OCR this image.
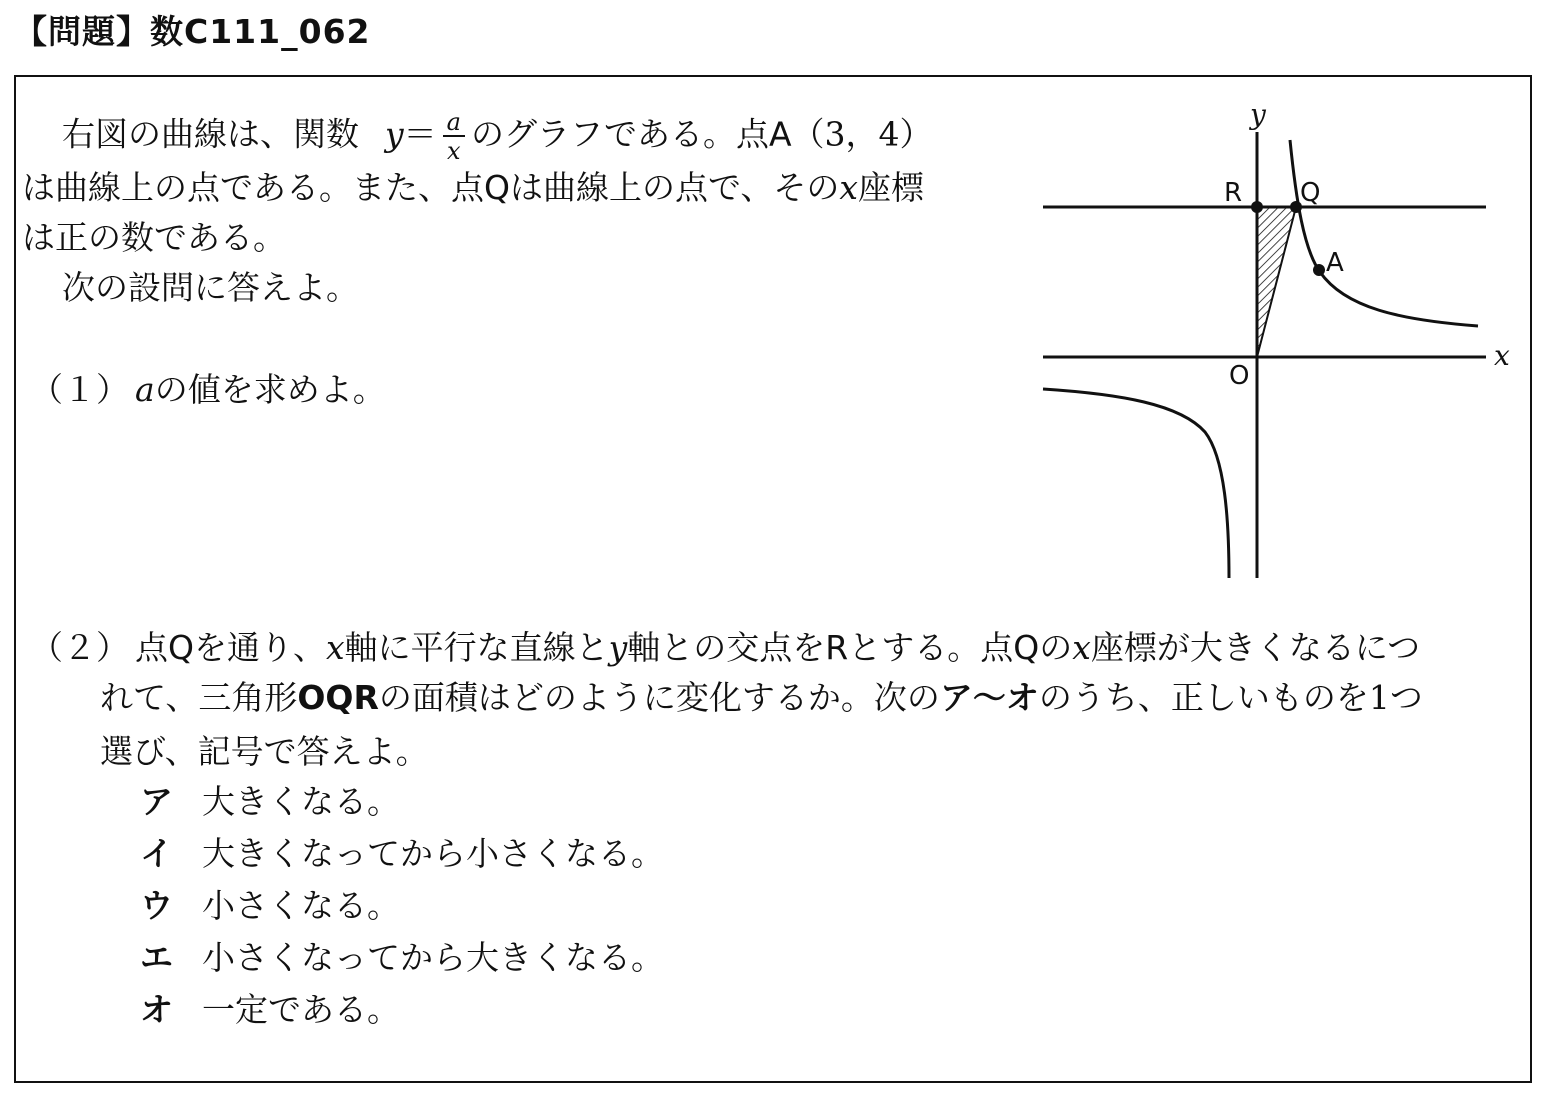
【問題】数C111_062
右図の曲線は、関数 $y= \frac{a}{x}$ のグラフである。点A（3，4）
は曲線上の点である。また、点Qは曲線上の点で、そのx座標
は正の数である。
次の設問に答えよ。
（１） aの値を求めよ。
（２） 点Qを通り、x軸に平行な直線とy軸との交点をRとする。点Qのx座標が大きくなるにつ
れて、三角形OQRの面積はどのように変化するか。次のア～オのうち、正しいものを1つ
選び、記号で答えよ。
ア 大きくなる。
イ 大きくなってから小さくなる。
ウ 小さくなる。
エ 小さくなってから大きくなる。
オ 一定である。
y
x
O
R Q
A
